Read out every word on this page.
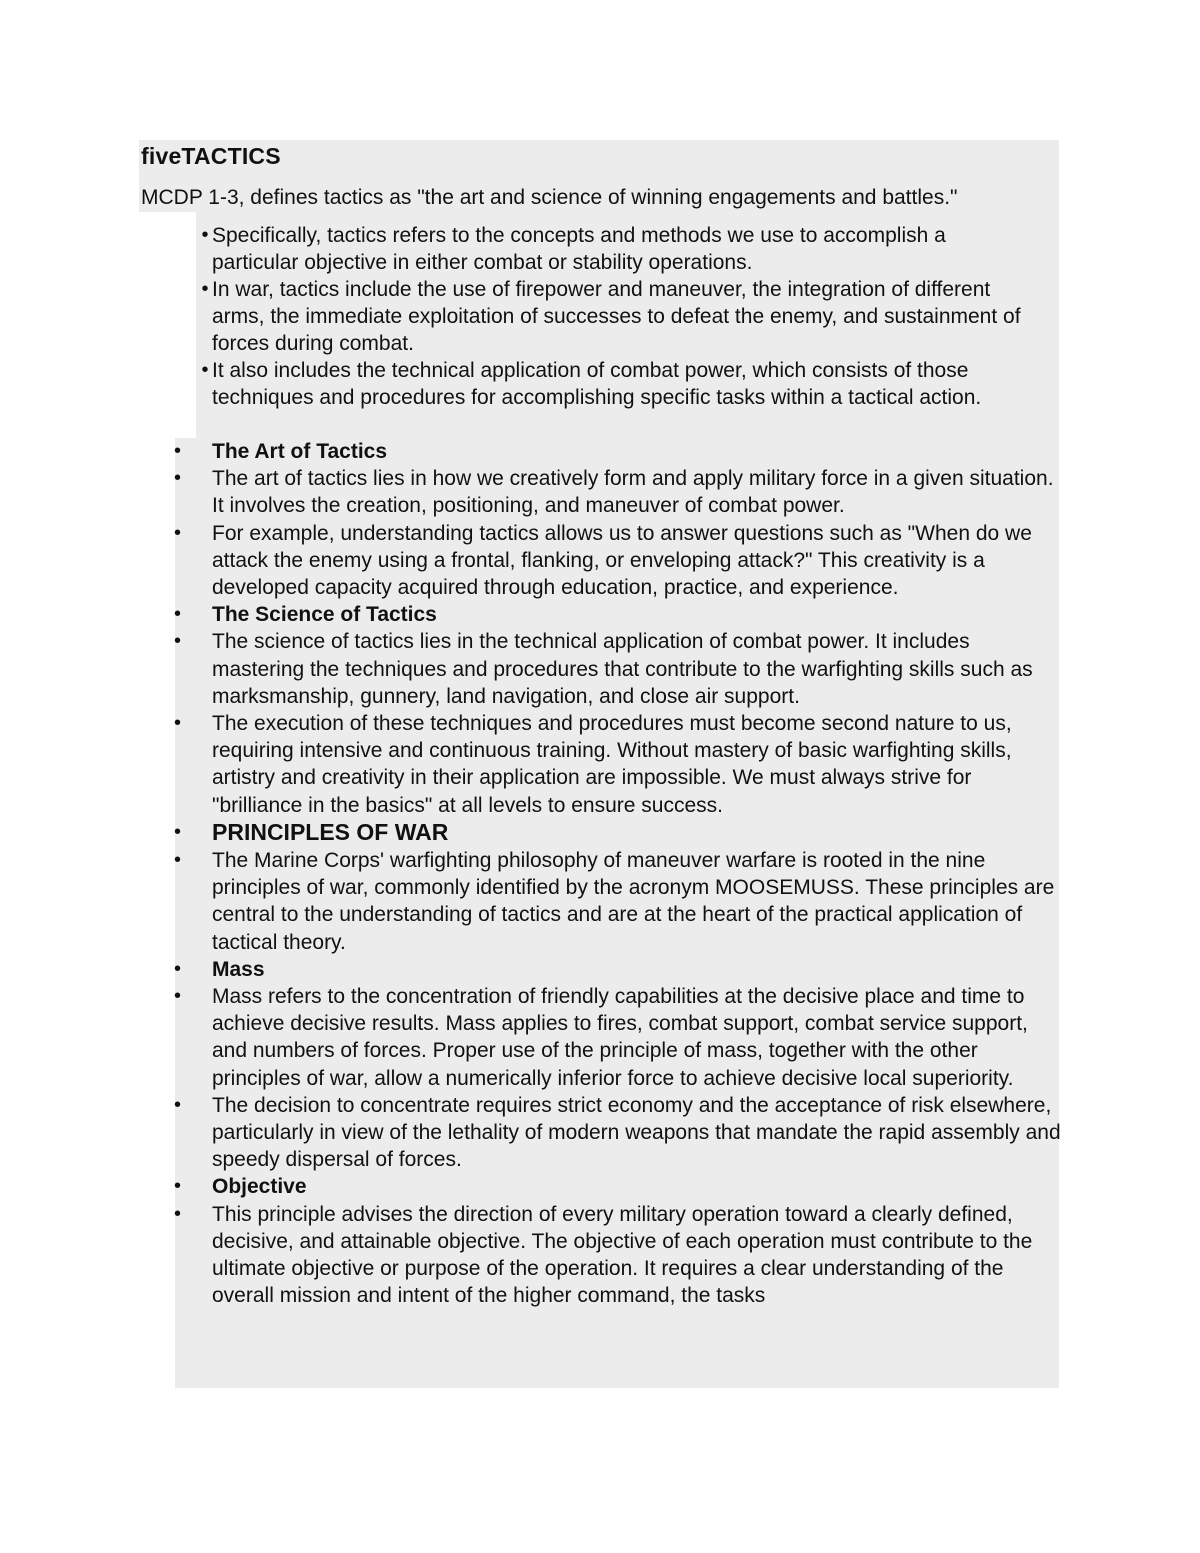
fiveTACTICS
MCDP 1-3, defines tactics as "the art and science of winning engagements and battles."
• Specifically, tactics refers to the concepts and methods we use to accomplish a particular objective in either combat or stability operations.
• In war, tactics include the use of firepower and maneuver, the integration of different arms, the immediate exploitation of successes to defeat the enemy, and sustainment of forces during combat.
• It also includes the technical application of combat power, which consists of those techniques and procedures for accomplishing specific tasks within a tactical action.
• The Art of Tactics
• The art of tactics lies in how we creatively form and apply military force in a given situation. It involves the creation, positioning, and maneuver of combat power.
• For example, understanding tactics allows us to answer questions such as "When do we attack the enemy using a frontal, flanking, or enveloping attack?" This creativity is a developed capacity acquired through education, practice, and experience.
• The Science of Tactics
• The science of tactics lies in the technical application of combat power. It includes mastering the techniques and procedures that contribute to the warfighting skills such as marksmanship, gunnery, land navigation, and close air support.
• The execution of these techniques and procedures must become second nature to us, requiring intensive and continuous training. Without mastery of basic warfighting skills, artistry and creativity in their application are impossible. We must always strive for "brilliance in the basics" at all levels to ensure success.
• PRINCIPLES OF WAR
• The Marine Corps' warfighting philosophy of maneuver warfare is rooted in the nine principles of war, commonly identified by the acronym MOOSEMUSS. These principles are central to the understanding of tactics and are at the heart of the practical application of tactical theory.
• Mass
• Mass refers to the concentration of friendly capabilities at the decisive place and time to achieve decisive results. Mass applies to fires, combat support, combat service support, and numbers of forces. Proper use of the principle of mass, together with the other principles of war, allow a numerically inferior force to achieve decisive local superiority.
• The decision to concentrate requires strict economy and the acceptance of risk elsewhere, particularly in view of the lethality of modern weapons that mandate the rapid assembly and speedy dispersal of forces.
• Objective
• This principle advises the direction of every military operation toward a clearly defined, decisive, and attainable objective. The objective of each operation must contribute to the ultimate objective or purpose of the operation. It requires a clear understanding of the overall mission and intent of the higher command, the tasks
